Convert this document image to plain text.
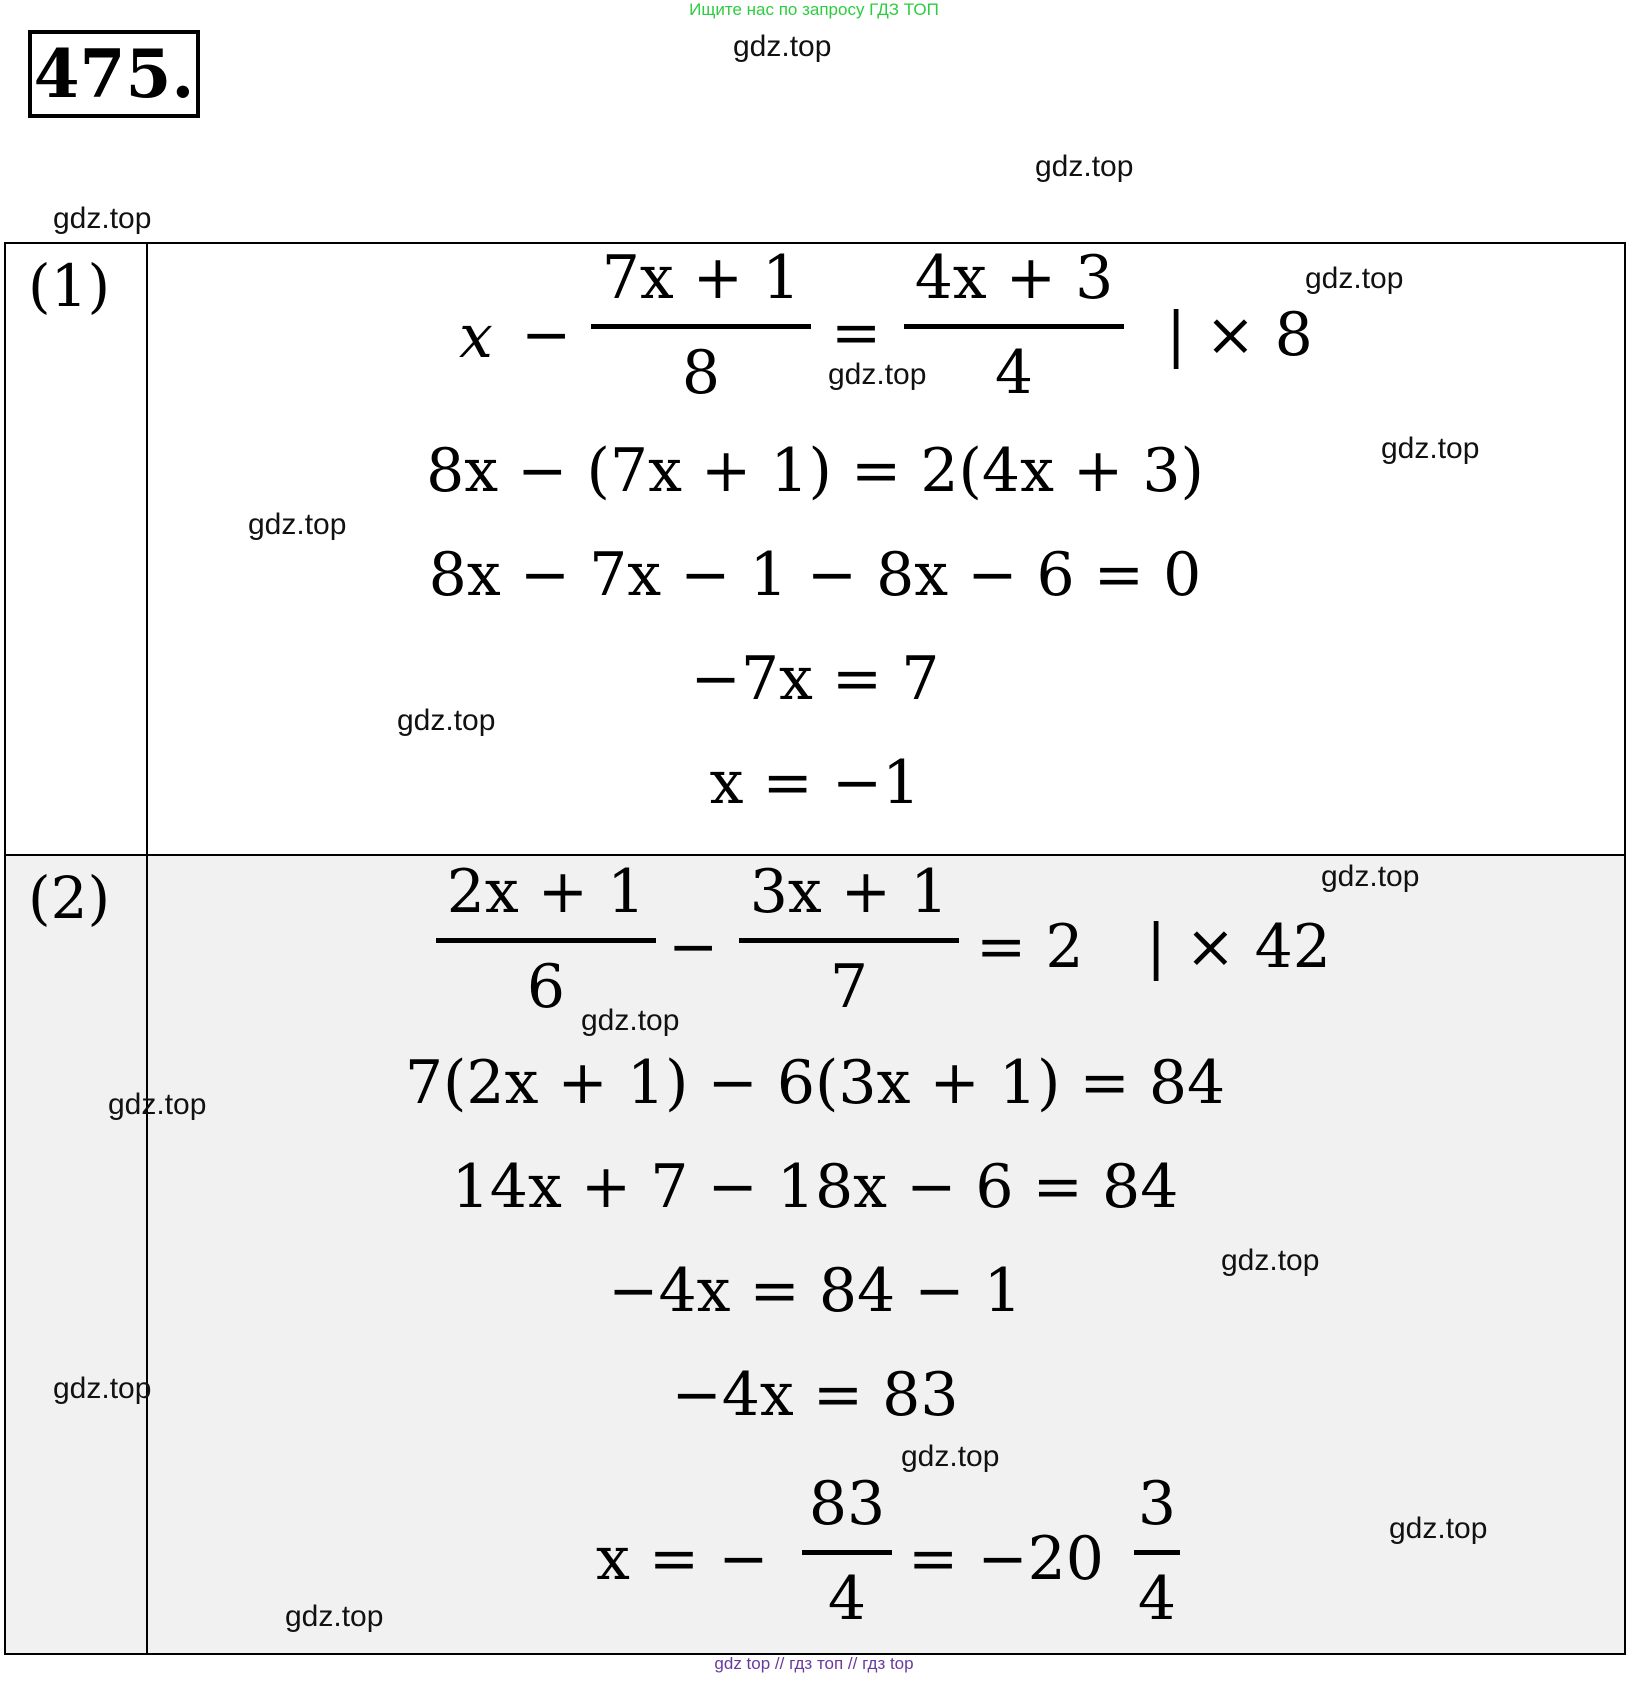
Ищите нас по запросу ГДЗ ТОП
475.	gdz.top
gdz.top
gdz.top
(1)
x −
7x + 1
8
=
4x + 3
4
| × 8
8x − (7x + 1) = 2(4x + 3)
8x − 7x − 1 − 8x − 6 = 0
−7x = 7
x = −1
(2)	2x + 1
6
−
3x + 1
7
= 2 | × 42
7(2x + 1) − 6(3x + 1) = 84
14x + 7 − 18x − 6 = 84
−4x = 84 − 1
−4x = 83
x = −
83
4
= −20
3
4
gdz.top
gdz.top
gdz.top
gdz.top
gdz.top
gdz.top
gdz.top
gdz.top
gdz.top
gdz.top
gdz.top
gdz.top
gdz.top
gdz top // гдз топ // гдз top
